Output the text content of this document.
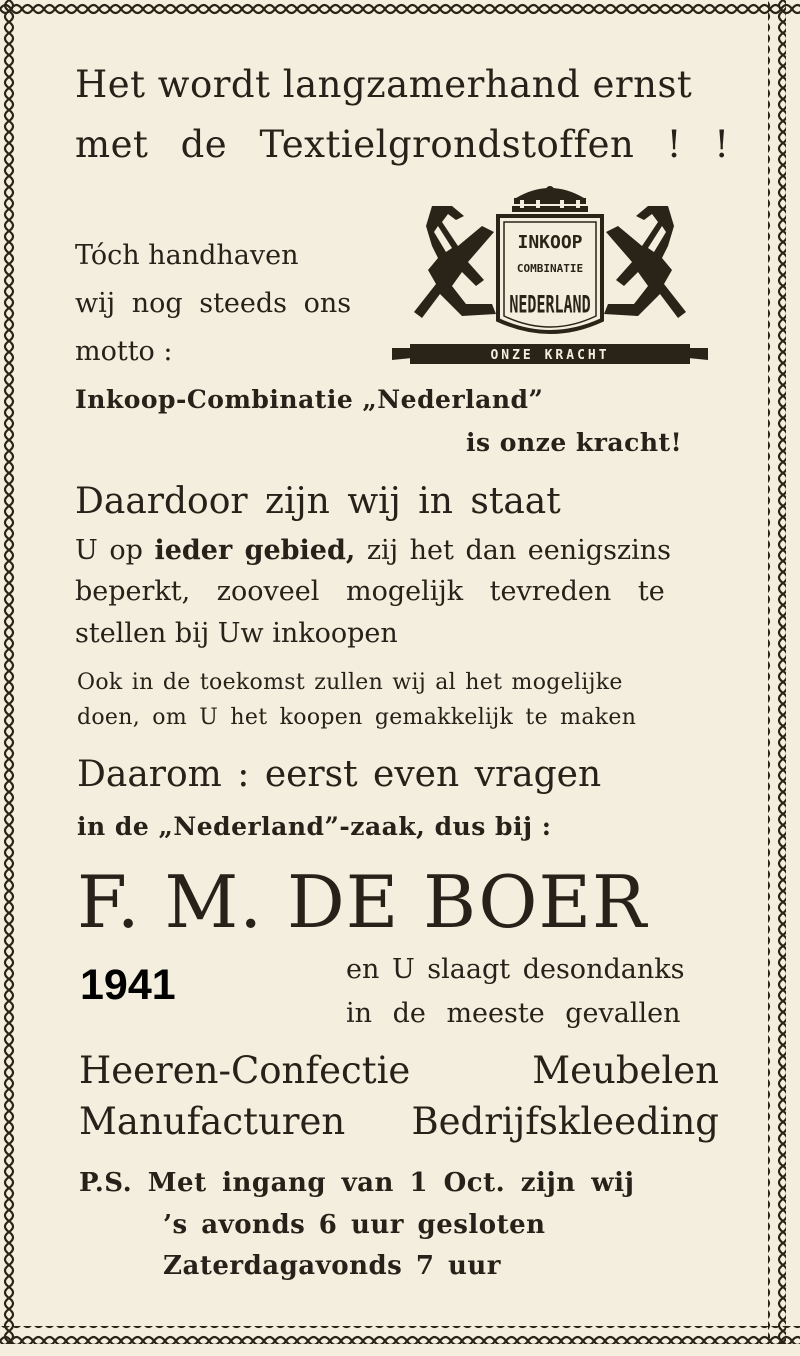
Het wordt langzamerhand ernst
met de Textielgrondstoffen ! !
Tóch handhaven
wij nog steeds ons
motto :
Inkoop-Combinatie „Nederland”
is onze kracht!
INKOOP
COMBINATIE
NEDERLAND
ONZE KRACHT
Daardoor zijn wij in staat
U op ieder gebied, zij het dan eenigszins
beperkt, zooveel mogelijk tevreden te
stellen bij Uw inkoopen
Ook in de toekomst zullen wij al het mogelijke
doen, om U het koopen gemakkelijk te maken
Daarom : eerst even vragen
in de „Nederland”-zaak, dus bij :
F. M. DE BOER
1941	en U slaagt desondanks
in de meeste gevallen
Heeren-Confectie	Meubelen
Manufacturen Bedrijfskleeding
P.S. Met ingang van 1 Oct. zijn wij
’s avonds 6 uur gesloten
Zaterdagavonds 7 uur
